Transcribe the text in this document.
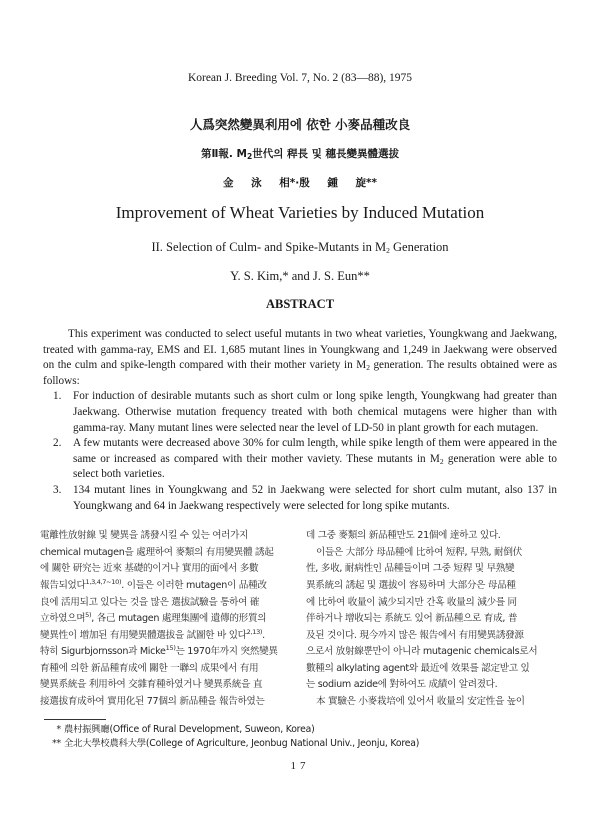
Korean J. Breeding Vol. 7, No. 2 (83—88), 1975
人爲突然變異利用에 依한 小麥品種改良
第Ⅱ報. $M_2$世代의 稈長 및 穗長變異體選拔
金 泳 相*·殷 鍾 旋**
Improvement of Wheat Varieties by Induced Mutation
II. Selection of Culm- and Spike-Mutants in $M_2$ Generation
Y. S. Kim,* and J. S. Eun**
ABSTRACT

This experiment was conducted to select useful mutants in two wheat varieties, Youngkwang and Jaekwang, treated with gamma-ray, EMS and EI. 1,685 mutant lines in Youngkwang and 1,249 in Jaekwang were observed on the culm and spike-length compared with their mother variety in $M_2$ generation. The results obtained were as follows:

1. For induction of desirable mutants such as short culm or long spike length, Youngkwang had greater than Jaekwang. Otherwise mutation frequency treated with both chemical mutagens were higher than with gamma-ray. Many mutant lines were selected near the level of LD-50 in plant growth for each mutagen.
2. A few mutants were decreased above 30% for culm length, while spike length of them were appeared in the same or increased as compared with their mother vaviety. These mutants in $M_2$ generation were able to select both varieties.
3. 134 mutant lines in Youngkwang and 52 in Jaekwang were selected for short culm mutant, also 137 in Youngkwang and 64 in Jaekwang respectively were selected for long spike mutants.
電離性放射線 및 變異을 誘發시킬 수 있는 여러가지
chemical mutagen을 處理하여 麥類의 有用變異體 誘起
에 關한 研究는 近來 基礎的이거나 實用的面에서 多數
報告되었다$^{1,3,4,7\sim 10)}$. 이들은 이러한 mutagen이 品種改
良에 活用되고 있다는 것을 많은 選拔試驗을 통하여 確
立하였으며$^{5)}$, 各己 mutagen 處理集團에 遺傳的形質의
變異性이 增加된 有用變異體選拔을 試圖한 바 있다$^{2,13)}$.
特히 Sigurbjornsson과 Micke$^{15)}$는 1970年까지 突然變異
育種에 의한 新品種育成에 關한 一聯의 成果에서 有用
變異系統을 利用하여 交雜育種하였거나 變異系統을 直
接選拔育成하여 實用化된 77個의 新品種을 報告하였는
데 그중 麥類의 新品種만도 21個에 達하고 있다.
이들은 大部分 母品種에 比하여 短稈, 早熟, 耐倒伏
性, 多收, 耐病性인 品種들이며 그중 短稈 및 早熟變
異系統의 誘起 및 選拔이 容易하며 大部分은 母品種
에 比하여 收量이 減少되지만 간혹 收量의 減少를 同
伴하거나 增收되는 系統도 있어 新品種으로 育成, 普
及된 것이다. 現今까지 많은 報告에서 有用變異誘發源
으로서 放射線뿐만이 아니라 mutagenic chemicals로서
數種의 alkylating agent와 最近에 效果를 認定받고 있
는 sodium azide에 對하여도 成績이 알려졌다.
本 實驗은 小麥栽培에 있어서 收量의 安定性을 높이
* 農村振興廳(Office of Rural Development, Suweon, Korea)
** 全北大學校農科大學(College of Agriculture, Jeonbug National Univ., Jeonju, Korea)
17
